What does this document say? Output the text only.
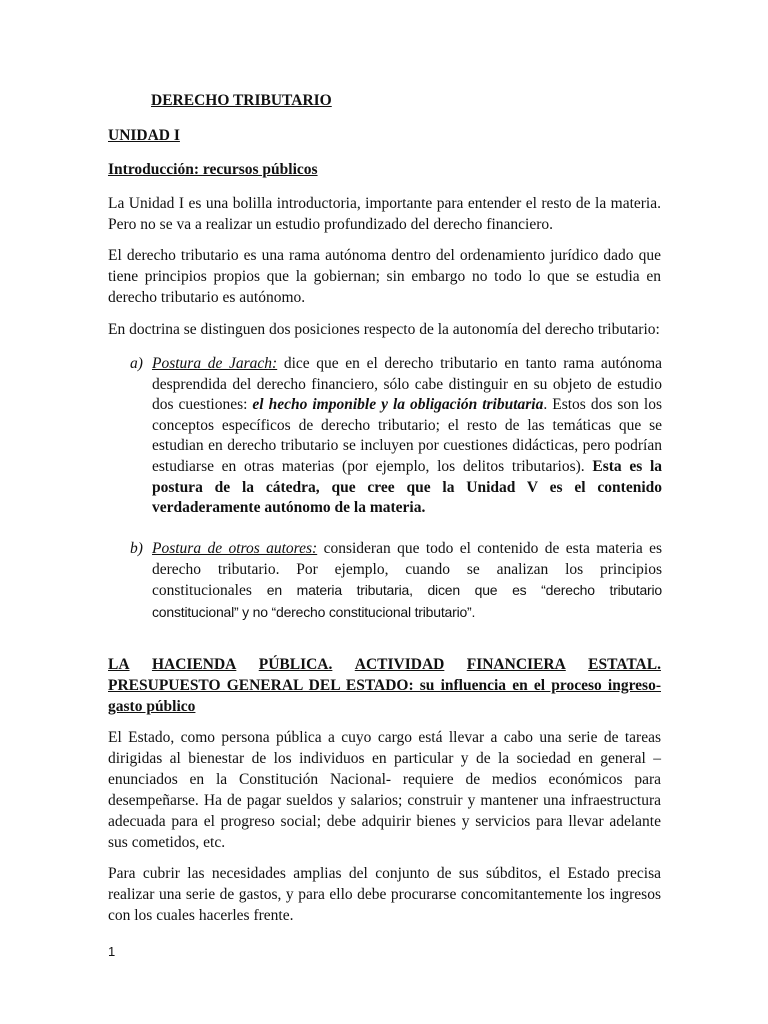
DERECHO TRIBUTARIO

UNIDAD I

Introducción: recursos públicos

La Unidad I es una bolilla introductoria, importante para entender el resto de la materia. Pero no se va a realizar un estudio profundizado del derecho financiero.

El derecho tributario es una rama autónoma dentro del ordenamiento jurídico dado que tiene principios propios que la gobiernan; sin embargo no todo lo que se estudia en derecho tributario es autónomo.

En doctrina se distinguen dos posiciones respecto de la autonomía del derecho tributario:

a) Postura de Jarach: dice que en el derecho tributario en tanto rama autónoma desprendida del derecho financiero, sólo cabe distinguir en su objeto de estudio dos cuestiones: el hecho imponible y la obligación tributaria. Estos dos son los conceptos específicos de derecho tributario; el resto de las temáticas que se estudian en derecho tributario se incluyen por cuestiones didácticas, pero podrían estudiarse en otras materias (por ejemplo, los delitos tributarios). Esta es la postura de la cátedra, que cree que la Unidad V es el contenido verdaderamente autónomo de la materia.

b) Postura de otros autores: consideran que todo el contenido de esta materia es derecho tributario. Por ejemplo, cuando se analizan los principios constitucionales en materia tributaria, dicen que es “derecho tributario constitucional” y no “derecho constitucional tributario”.

LA HACIENDA PÚBLICA. ACTIVIDAD FINANCIERA ESTATAL.
PRESUPUESTO GENERAL DEL ESTADO: su influencia en el proceso ingreso-gasto público

El Estado, como persona pública a cuyo cargo está llevar a cabo una serie de tareas dirigidas al bienestar de los individuos en particular y de la sociedad en general – enunciados en la Constitución Nacional- requiere de medios económicos para desempeñarse. Ha de pagar sueldos y salarios; construir y mantener una infraestructura adecuada para el progreso social; debe adquirir bienes y servicios para llevar adelante sus cometidos, etc.

Para cubrir las necesidades amplias del conjunto de sus súbditos, el Estado precisa realizar una serie de gastos, y para ello debe procurarse concomitantemente los ingresos con los cuales hacerles frente.

1
